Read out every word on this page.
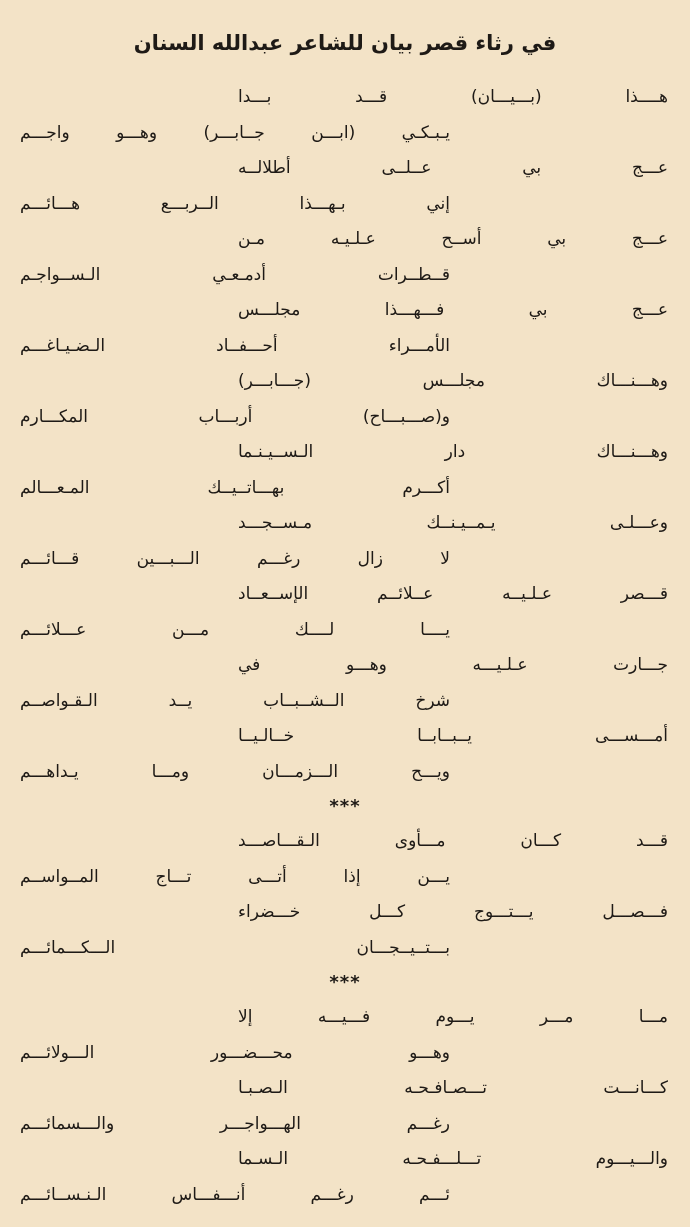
في رثاء قصر بيان للشاعر عبدالله السنان
هــــذا (بـــيـــان) قـــد بـــدا
يـبـكـي (ابـــن جــابـــر) وهـــو واجـــم
عـــج بي عــلــى أطلالــه
إني بـهـــذا الــربـــع هـــائـــم
عـــج بي أســح عـلـيـه مـن
قــطــرات أدمـعـي الـســواجـم
عـــج بي فـــهـــذا مجلـــس
الأمـــراء أحـــفــاد الـضـيـاغـــم
وهـــنـــاك مجلـــس (جـــابـــر)
و(صـــبـــاح) أربـــاب المكـــارم
وهـــنـــاك دار الـســيـنـما
أكـــرم بهـــاتــيــك المـعـــالم
وعـــلـى يـمــيـنــك مـســجـــد
لا زال رغـــم الـــبـــين قـــائـــم
قـــصر عـلـيــه عــلائــم الإســعــاد
يــــا لــــك مـــن عـــلائـــم
جـــارت عـلـيـــه وهـــو في
شرخ الــشــبــاب يــد الـقـواصــم
أمـــســـى يــبــابــا خــالـيــا
ويـــح الـــزمـــان ومـــا يـداهـــم
***
قـــد كـــان مـــأوى الـقـــاصـــد
يـــن إذا أتـــى تـــاج المــواســم
فـــصـــل يـــتـــوج كـــل خـــضراء
بـــتــيــجـــان الـــكـــمائـــم
***
مـــا مـــر يـــوم فـــيـــه إلا
وهـــو محـــضـــور الـــولائـــم
كـــانـــت تـــصـافـحـه الـصـبـا
رغـــم الهـــواجـــر والـــسمائـــم
والـــيـــوم تـــلـــفـحـه الـسـما
ئـــم رغـــم أنـــفـــاس الـنـســائـــم
